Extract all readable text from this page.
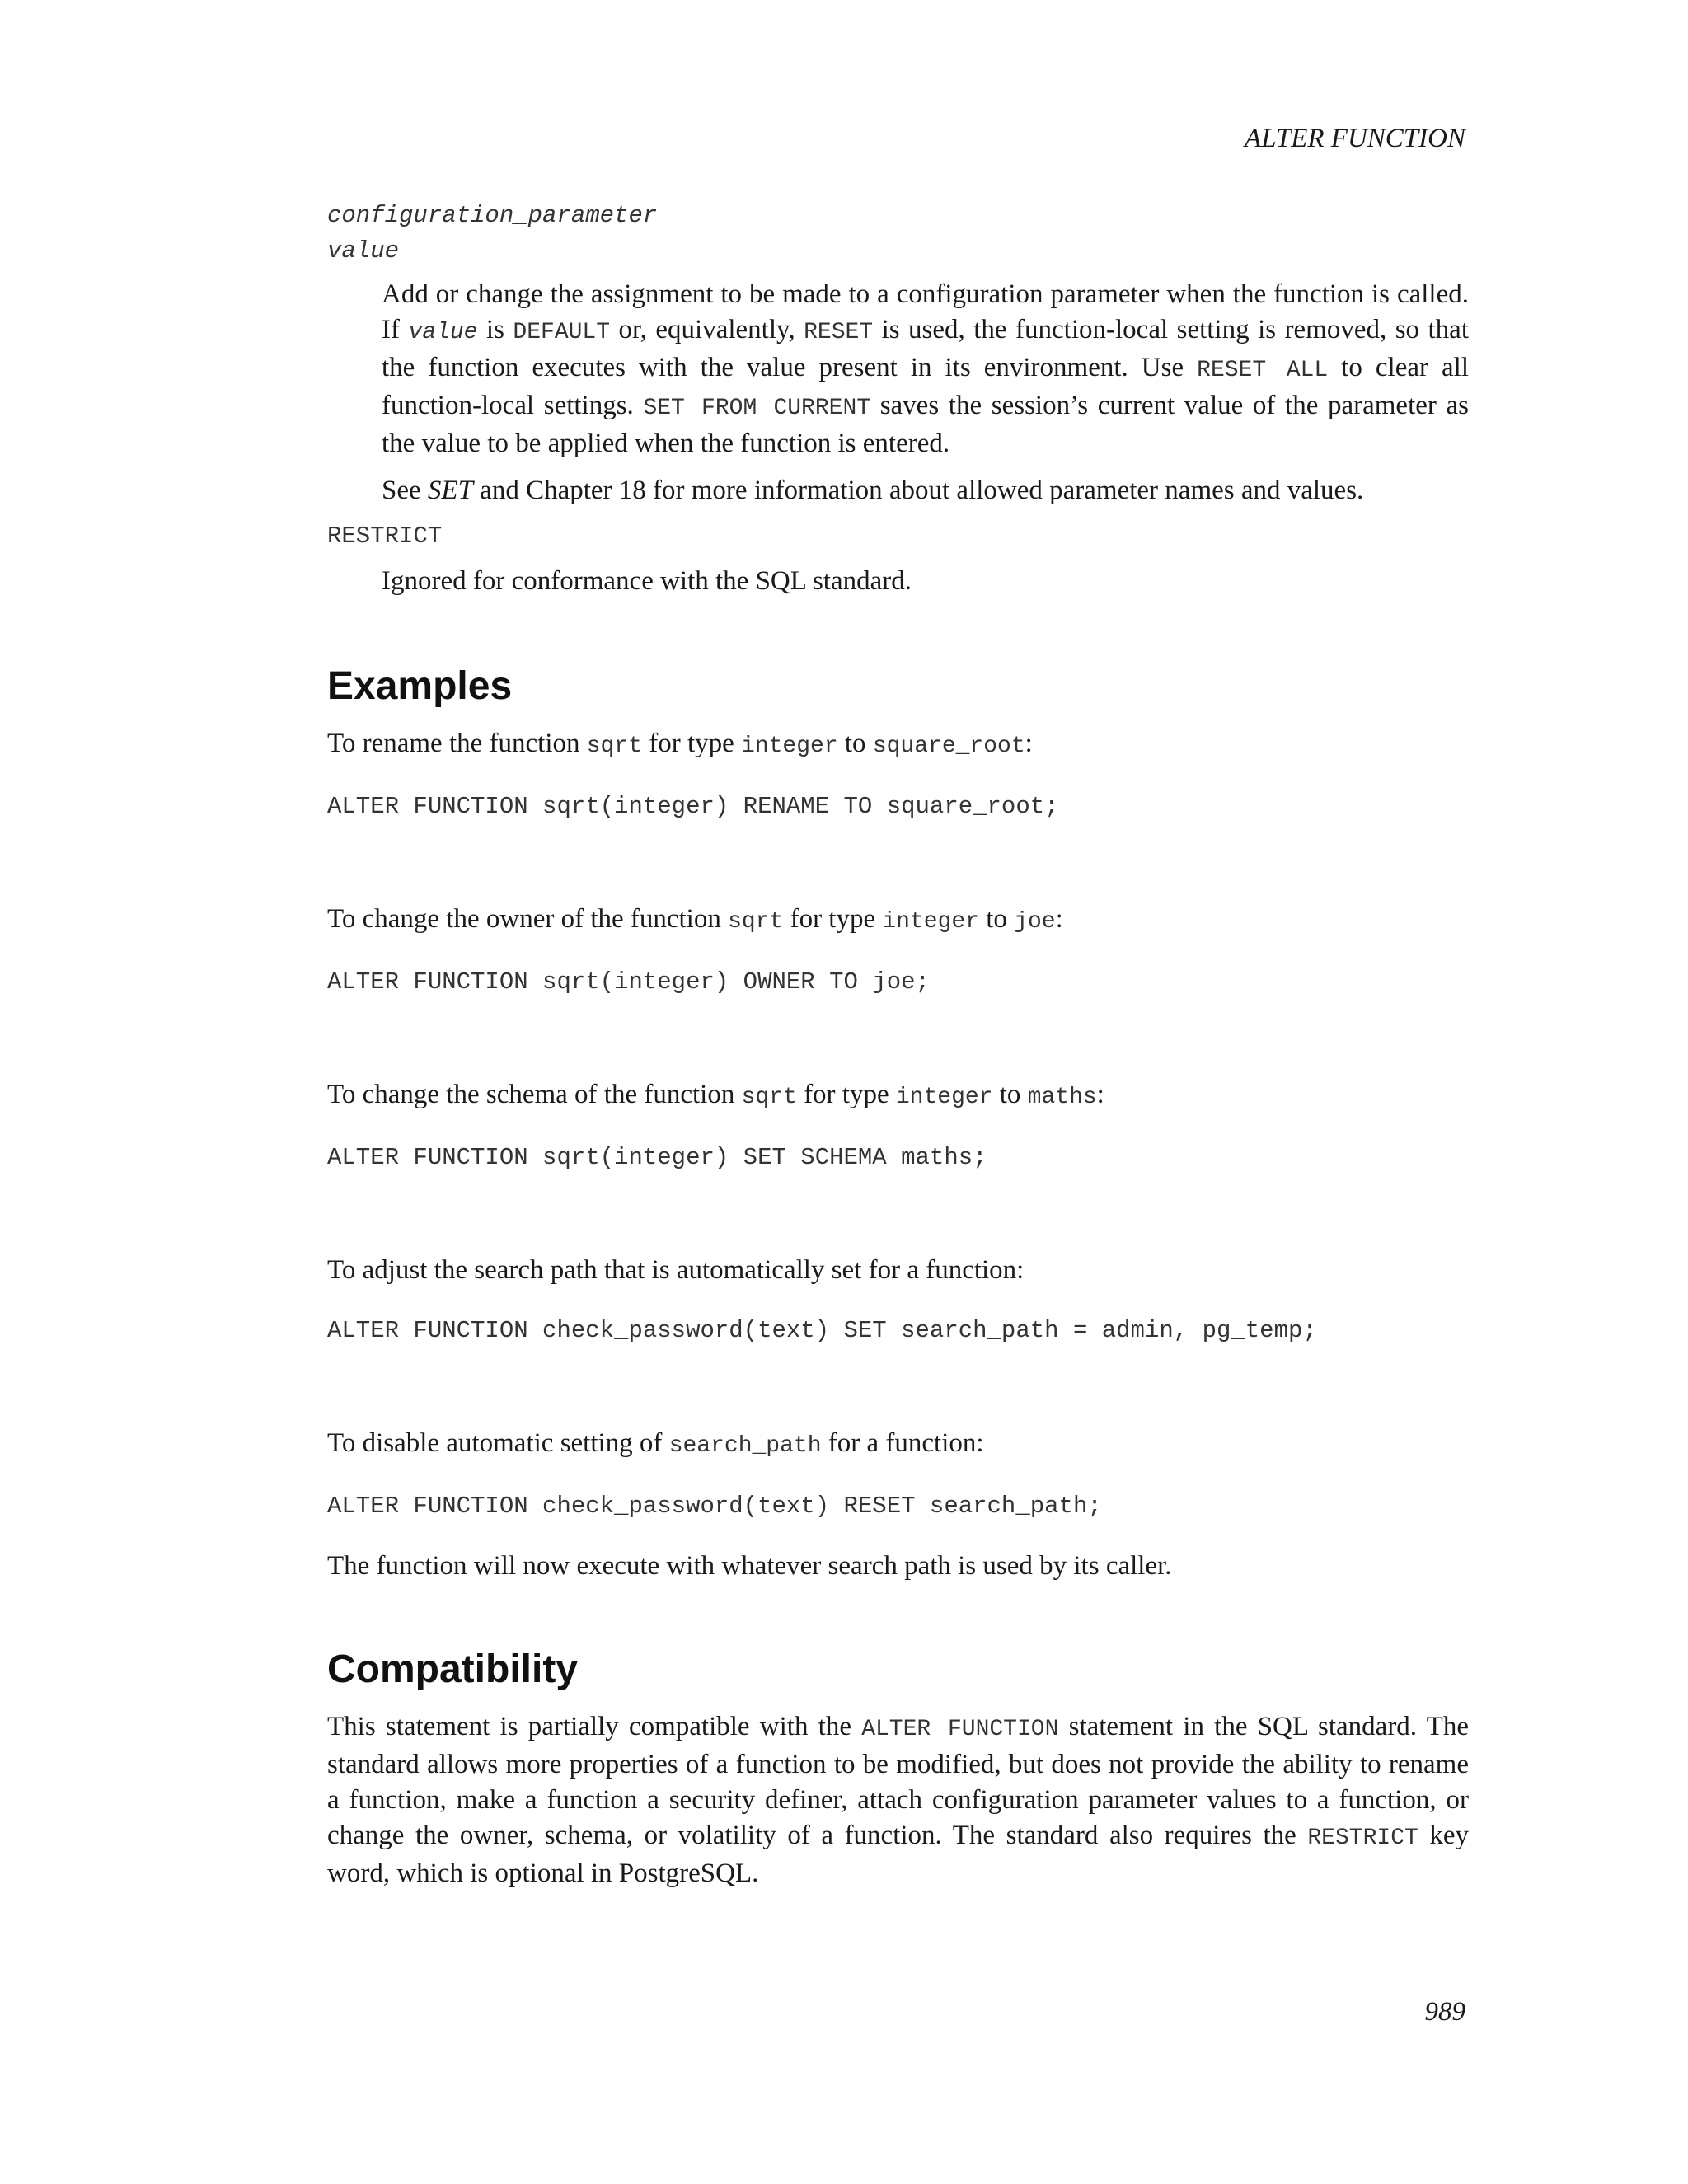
ALTER FUNCTION
configuration_parameter
value
Add or change the assignment to be made to a configuration parameter when the function is called. If value is DEFAULT or, equivalently, RESET is used, the function-local setting is removed, so that the function executes with the value present in its environment. Use RESET ALL to clear all function-local settings. SET FROM CURRENT saves the session’s current value of the parameter as the value to be applied when the function is entered.
See SET and Chapter 18 for more information about allowed parameter names and values.
RESTRICT
Ignored for conformance with the SQL standard.
Examples
To rename the function sqrt for type integer to square_root:
ALTER FUNCTION sqrt(integer) RENAME TO square_root;
To change the owner of the function sqrt for type integer to joe:
ALTER FUNCTION sqrt(integer) OWNER TO joe;
To change the schema of the function sqrt for type integer to maths:
ALTER FUNCTION sqrt(integer) SET SCHEMA maths;
To adjust the search path that is automatically set for a function:
ALTER FUNCTION check_password(text) SET search_path = admin, pg_temp;
To disable automatic setting of search_path for a function:
ALTER FUNCTION check_password(text) RESET search_path;
The function will now execute with whatever search path is used by its caller.
Compatibility
This statement is partially compatible with the ALTER FUNCTION statement in the SQL standard. The standard allows more properties of a function to be modified, but does not provide the ability to rename a function, make a function a security definer, attach configuration parameter values to a function, or change the owner, schema, or volatility of a function. The standard also requires the RESTRICT key word, which is optional in PostgreSQL.
989
